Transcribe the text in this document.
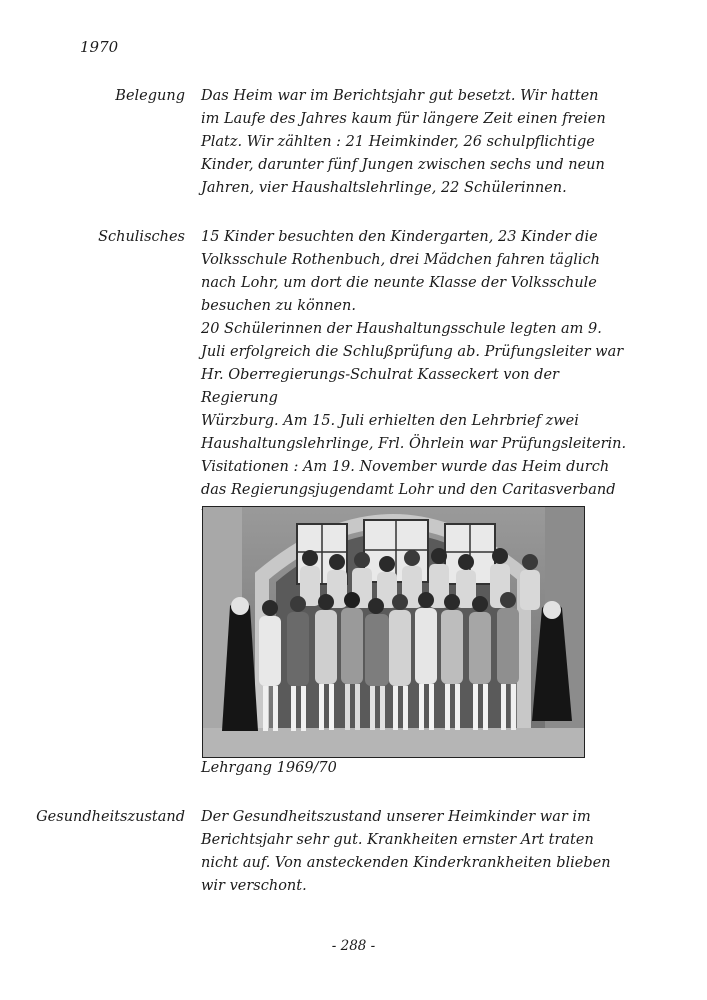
1970
Belegung Das Heim war im Berichtsjahr gut besetzt. Wir hatten
im Laufe des Jahres kaum für längere Zeit einen freien
Platz. Wir zählten : 21 Heimkinder, 26 schulpflichtige
Kinder, darunter fünf Jungen zwischen sechs und neun
Jahren, vier Haushaltslehrlinge, 22 Schülerinnen.
Schulisches 15 Kinder besuchten den Kindergarten, 23 Kinder die
Volksschule Rothenbuch, drei Mädchen fahren täglich
nach Lohr, um dort die neunte Klasse der Volksschule
besuchen zu können.
20 Schülerinnen der Haushaltungsschule legten am 9.
Juli erfolgreich die Schlußprüfung ab. Prüfungsleiter war
Hr. Oberregierungs-Schulrat Kasseckert von der Regierung
Würzburg. Am 15. Juli erhielten den Lehrbrief zwei
Haushaltungslehrlinge, Frl. Öhrlein war Prüfungsleiterin.
Visitationen : Am 19. November wurde das Heim durch
das Regierungsjugendamt Lohr und den Caritasverband

Lehrgang 1969/70
Gesundheitszustand Der Gesundheitszustand unserer Heimkinder war im
Berichtsjahr sehr gut. Krankheiten ernster Art traten
nicht auf. Von ansteckenden Kinderkrankheiten blieben
wir verschont.
- 288 -
